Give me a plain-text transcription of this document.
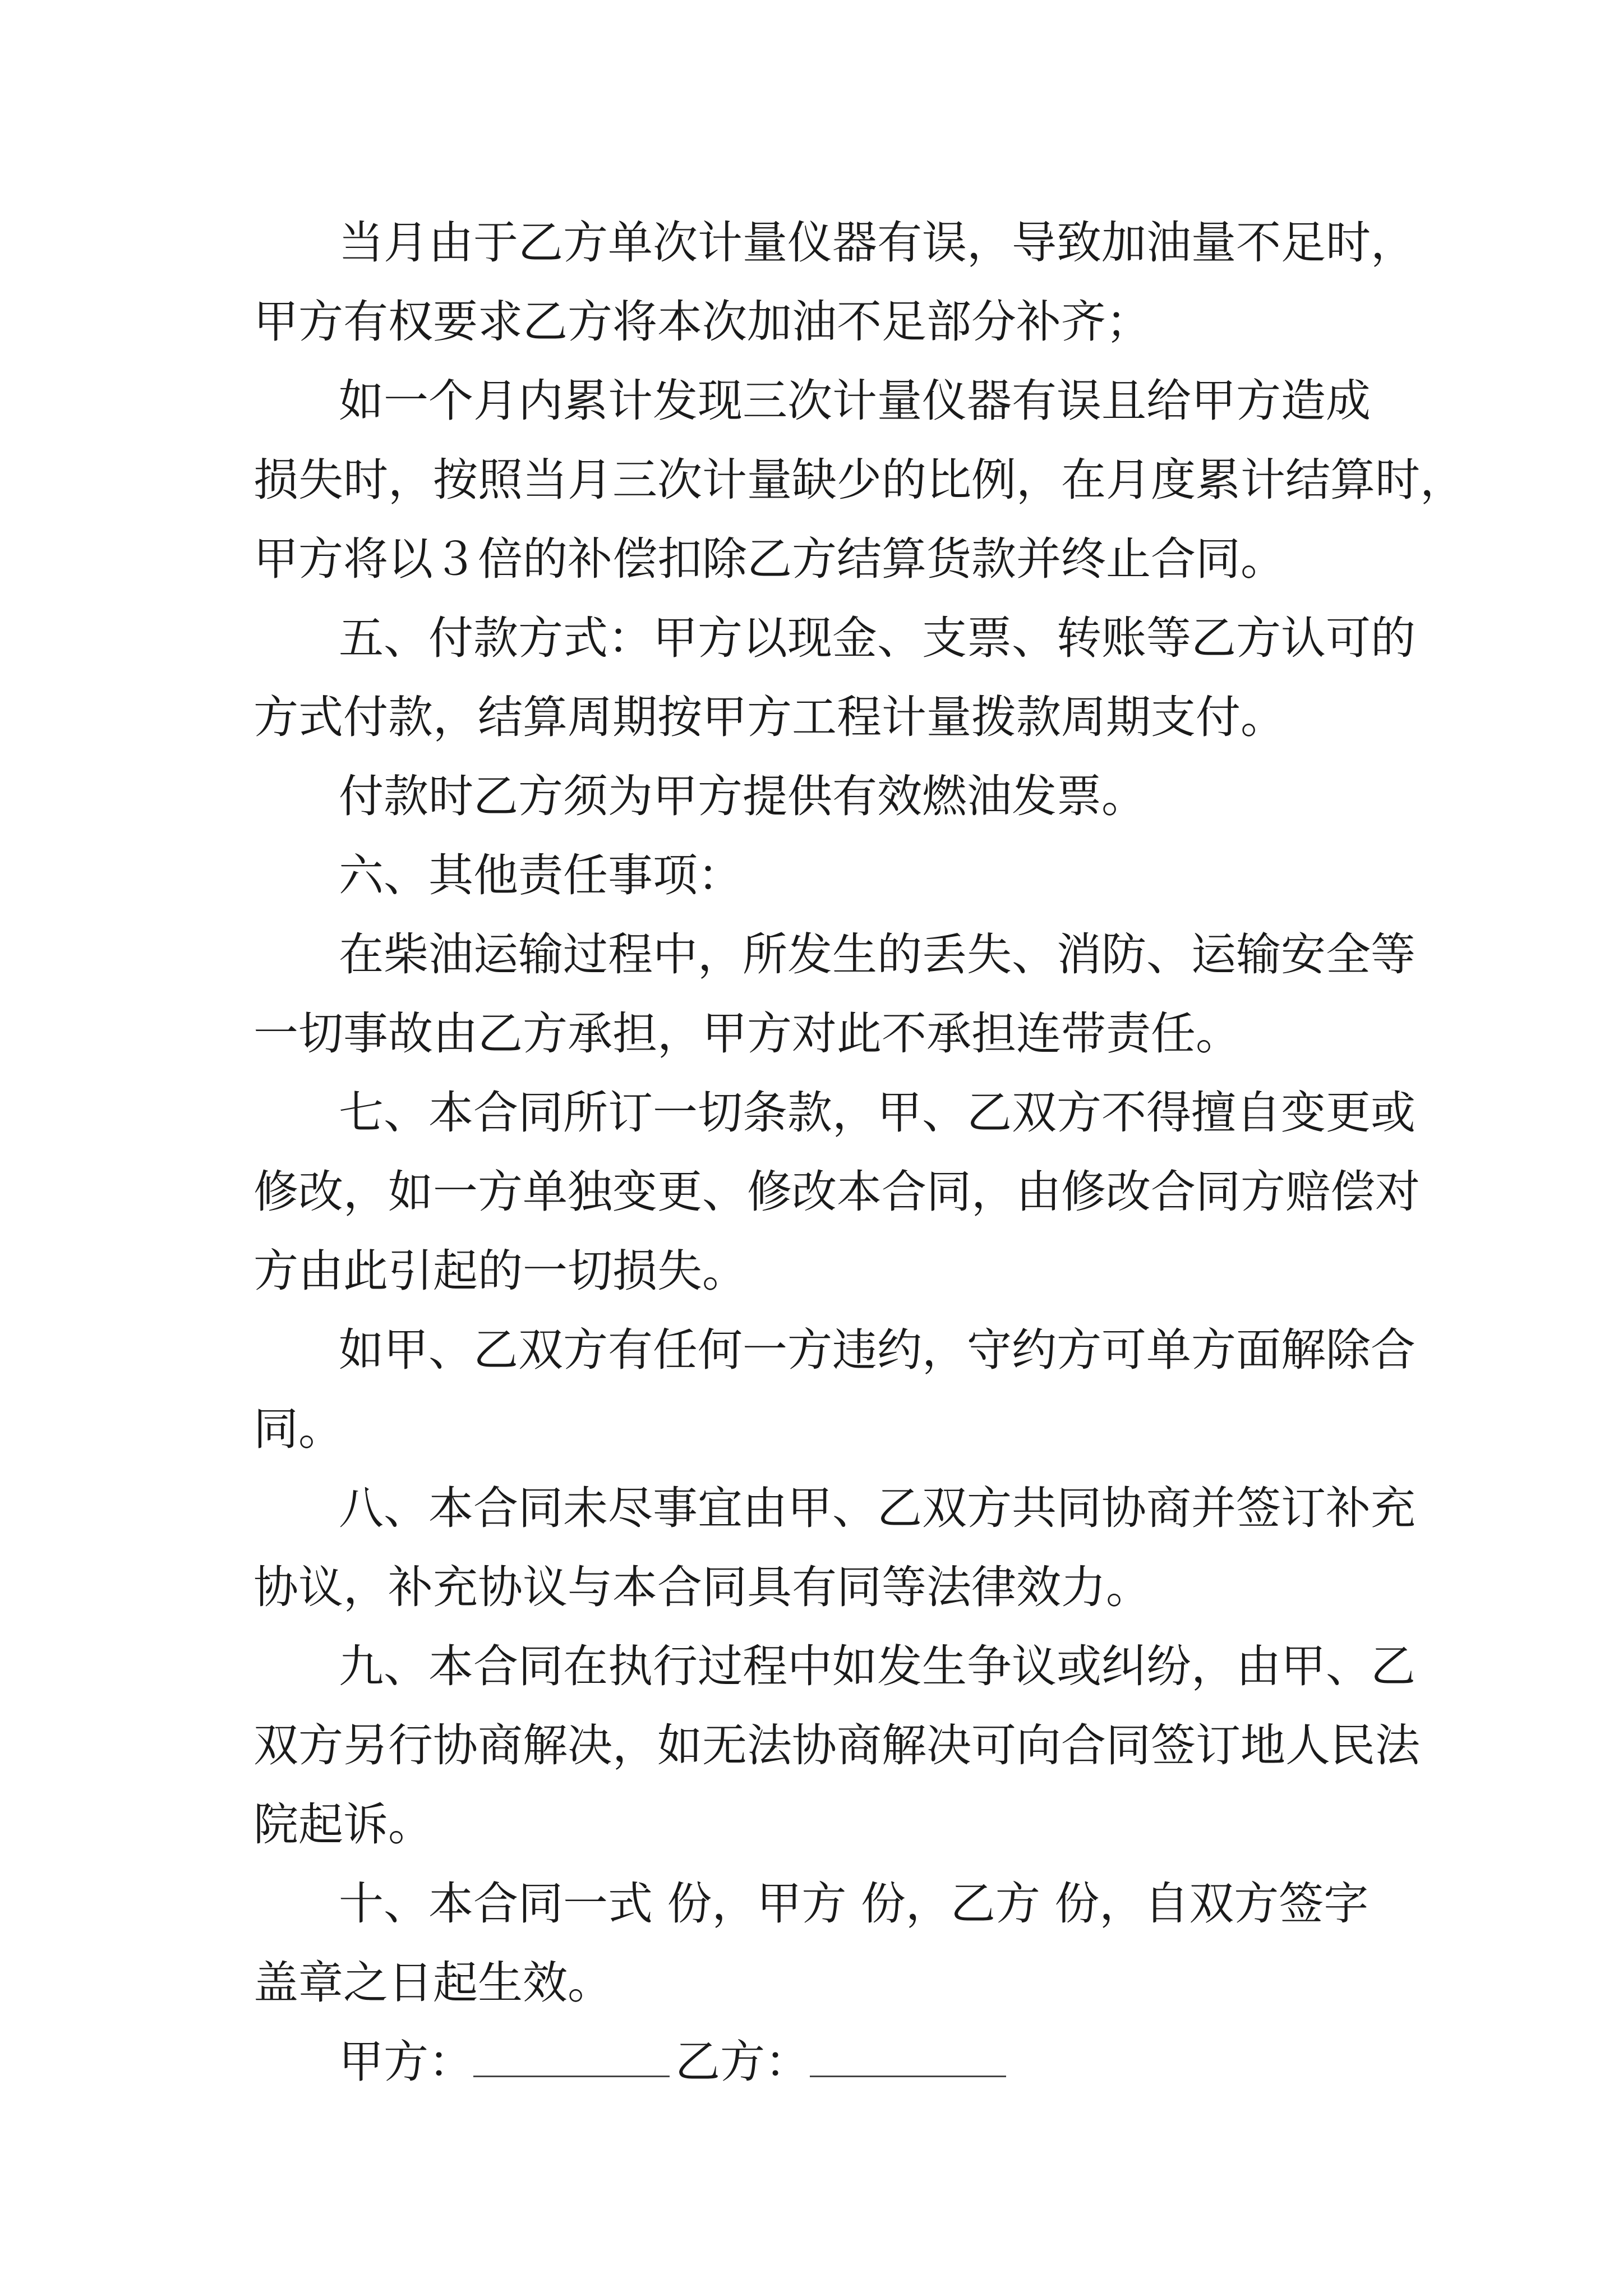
当月由于乙方单次计量仪器有误，导致加油量不足时，
甲方有权要求乙方将本次加油不足部分补齐；
如一个月内累计发现三次计量仪器有误且给甲方造成
损失时，按照当月三次计量缺少的比例，在月度累计结算时，
甲方将以３倍的补偿扣除乙方结算货款并终止合同。
五、付款方式：甲方以现金、支票、转账等乙方认可的
方式付款，结算周期按甲方工程计量拨款周期支付。
付款时乙方须为甲方提供有效燃油发票。
六、其他责任事项：
在柴油运输过程中，所发生的丢失、消防、运输安全等
一切事故由乙方承担，甲方对此不承担连带责任。
七、本合同所订一切条款，甲、乙双方不得擅自变更或
修改，如一方单独变更、修改本合同，由修改合同方赔偿对
方由此引起的一切损失。
如甲、乙双方有任何一方违约，守约方可单方面解除合
同。
八、本合同未尽事宜由甲、乙双方共同协商并签订补充
协议，补充协议与本合同具有同等法律效力。
九、本合同在执行过程中如发生争议或纠纷，由甲、乙
双方另行协商解决，如无法协商解决可向合同签订地人民法
院起诉。
十、本合同一式 份，甲方 份，乙方 份，自双方签字
盖章之日起生效。
甲方：	乙方：
